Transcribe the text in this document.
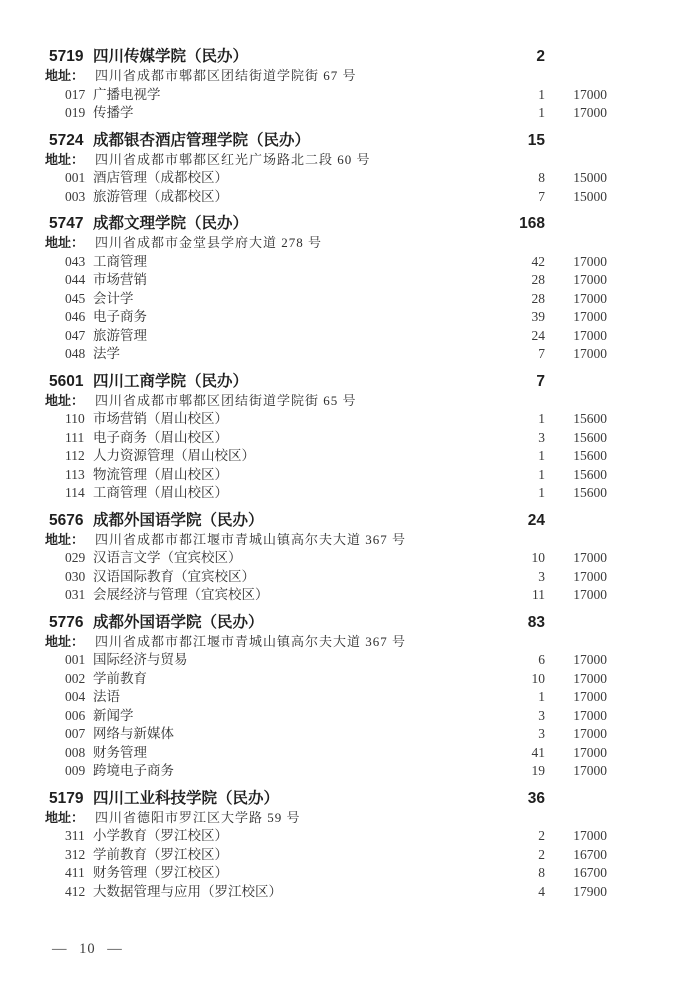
5719 四川传媒学院（民办）	2
地址： 四川省成都市郫都区团结街道学院街 67 号
017 广播电视学	1	17000
019 传播学	1	17000
5724 成都银杏酒店管理学院（民办）	15
地址： 四川省成都市郫都区红光广场路北二段 60 号
001 酒店管理（成都校区）	8	15000
003 旅游管理（成都校区）	7	15000
5747 成都文理学院（民办）	168
地址： 四川省成都市金堂县学府大道 278 号
043 工商管理	42	17000
044 市场营销	28	17000
045 会计学	28	17000
046 电子商务	39	17000
047 旅游管理	24	17000
048 法学	7	17000
5601 四川工商学院（民办）	7
地址： 四川省成都市郫都区团结街道学院街 65 号
110 市场营销（眉山校区）	1	15600
111 电子商务（眉山校区）	3	15600
112 人力资源管理（眉山校区）	1	15600
113 物流管理（眉山校区）	1	15600
114 工商管理（眉山校区）	1	15600
5676 成都外国语学院（民办）	24
地址： 四川省成都市都江堰市青城山镇高尔夫大道 367 号
029 汉语言文学（宜宾校区）	10	17000
030 汉语国际教育（宜宾校区）	3	17000
031 会展经济与管理（宜宾校区）	11	17000
5776 成都外国语学院（民办）	83
地址： 四川省成都市都江堰市青城山镇高尔夫大道 367 号
001 国际经济与贸易	6	17000
002 学前教育	10	17000
004 法语	1	17000
006 新闻学	3	17000
007 网络与新媒体	3	17000
008 财务管理	41	17000
009 跨境电子商务	19	17000
5179 四川工业科技学院（民办）	36
地址： 四川省德阳市罗江区大学路 59 号
311 小学教育（罗江校区）	2	17000
312 学前教育（罗江校区）	2	16700
411 财务管理（罗江校区）	8	16700
412 大数据管理与应用（罗江校区）	4	17900
— 10 —
